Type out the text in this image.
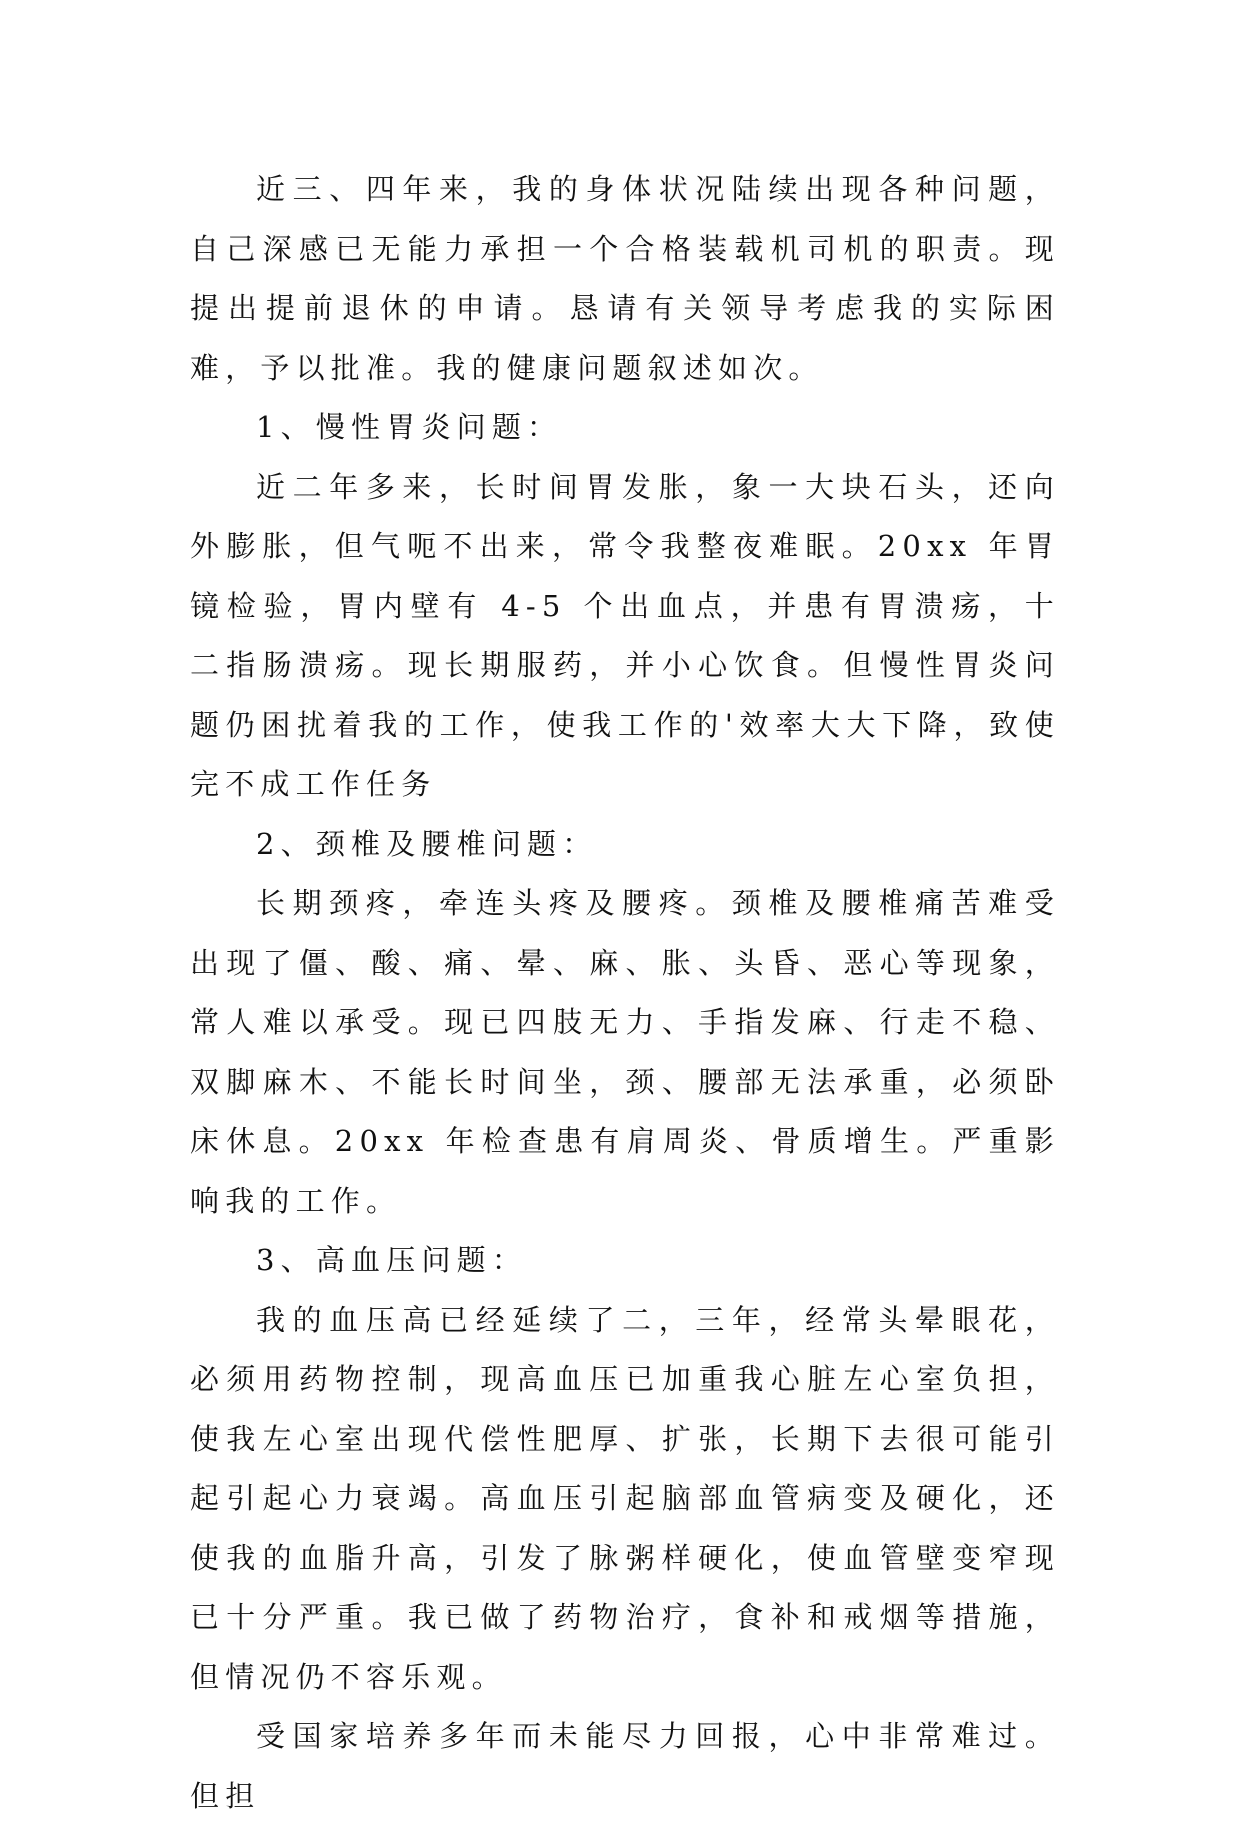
近三、四年来，我的身体状况陆续出现各种问题，自己深感已无能力承担一个合格装载机司机的职责。现提出提前退休的申请。恳请有关领导考虑我的实际困难，予以批准。我的健康问题叙述如次。

1、慢性胃炎问题：

近二年多来，长时间胃发胀，象一大块石头，还向外膨胀，但气呃不出来，常令我整夜难眠。20xx 年胃镜检验，胃内壁有 4-5 个出血点，并患有胃溃疡，十二指肠溃疡。现长期服药，并小心饮食。但慢性胃炎问题仍困扰着我的工作，使我工作的'效率大大下降，致使完不成工作任务

2、颈椎及腰椎问题：

长期颈疼，牵连头疼及腰疼。颈椎及腰椎痛苦难受出现了僵、酸、痛、晕、麻、胀、头昏、恶心等现象，常人难以承受。现已四肢无力、手指发麻、行走不稳、双脚麻木、不能长时间坐，颈、腰部无法承重，必须卧床休息。20xx 年检查患有肩周炎、骨质增生。严重影响我的工作。

3、高血压问题：

我的血压高已经延续了二，三年，经常头晕眼花，必须用药物控制，现高血压已加重我心脏左心室负担，使我左心室出现代偿性肥厚、扩张，长期下去很可能引起引起心力衰竭。高血压引起脑部血管病变及硬化，还使我的血脂升高，引发了脉粥样硬化，使血管壁变窄现已十分严重。我已做了药物治疗，食补和戒烟等措施，但情况仍不容乐观。

受国家培养多年而未能尽力回报，心中非常难过。但担
